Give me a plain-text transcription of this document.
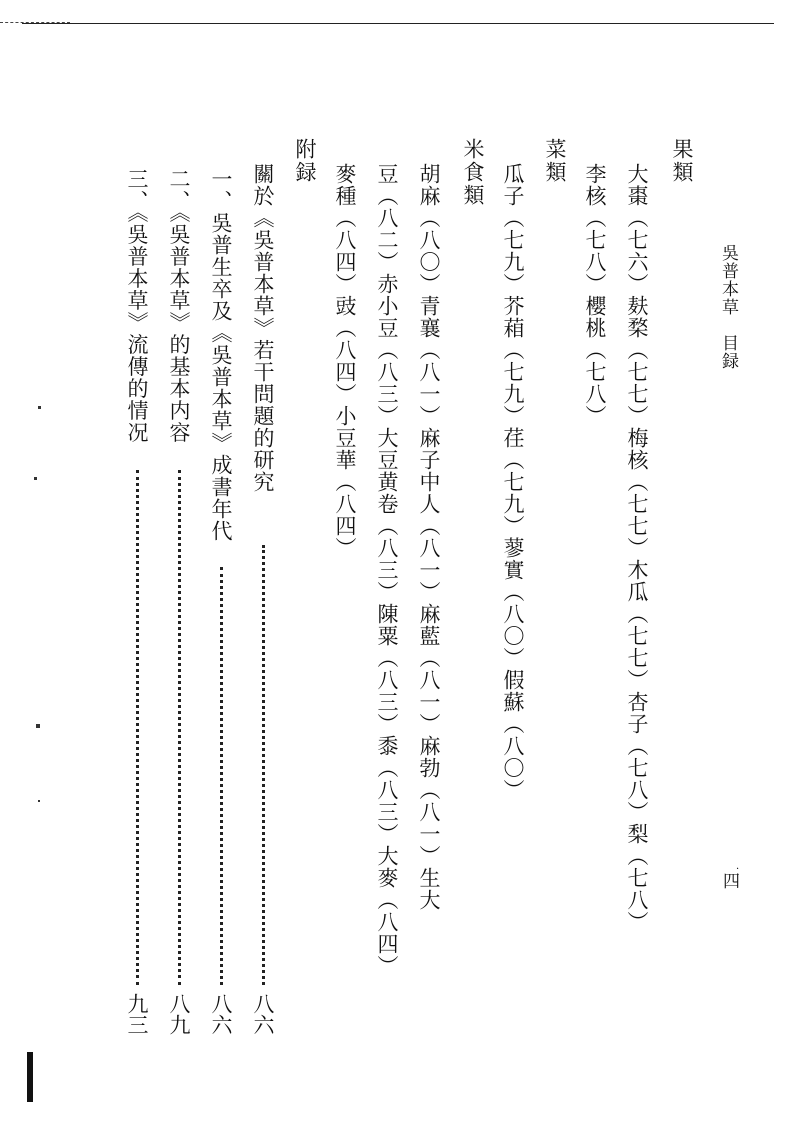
吳普本草目録
·
四
果類
大棗（七六）麸楘（七七）梅核（七七）木瓜（七七）杏子（七八）梨（七八）
李核（七八）櫻桃（七八）
菜類
瓜子（七九）芥葙（七九）荏（七九）蓼實（八〇）假蘇（八〇）
米食類
胡麻（八〇）青襄（八一）麻子中人（八一）麻藍（八一）麻勃（八一）生大
豆（八二）赤小豆（八三）大豆黄卷（八三）陳粟（八三）黍（八三）大麥（八四）
麥種（八四）豉（八四）小豆華（八四）
附録
關於《吳普本草》若干問題的研究
八六
一、吳普生卒及《吳普本草》成書年代
八六
二、《吳普本草》的基本内容
八九
三、《吳普本草》流傳的情况
九三
